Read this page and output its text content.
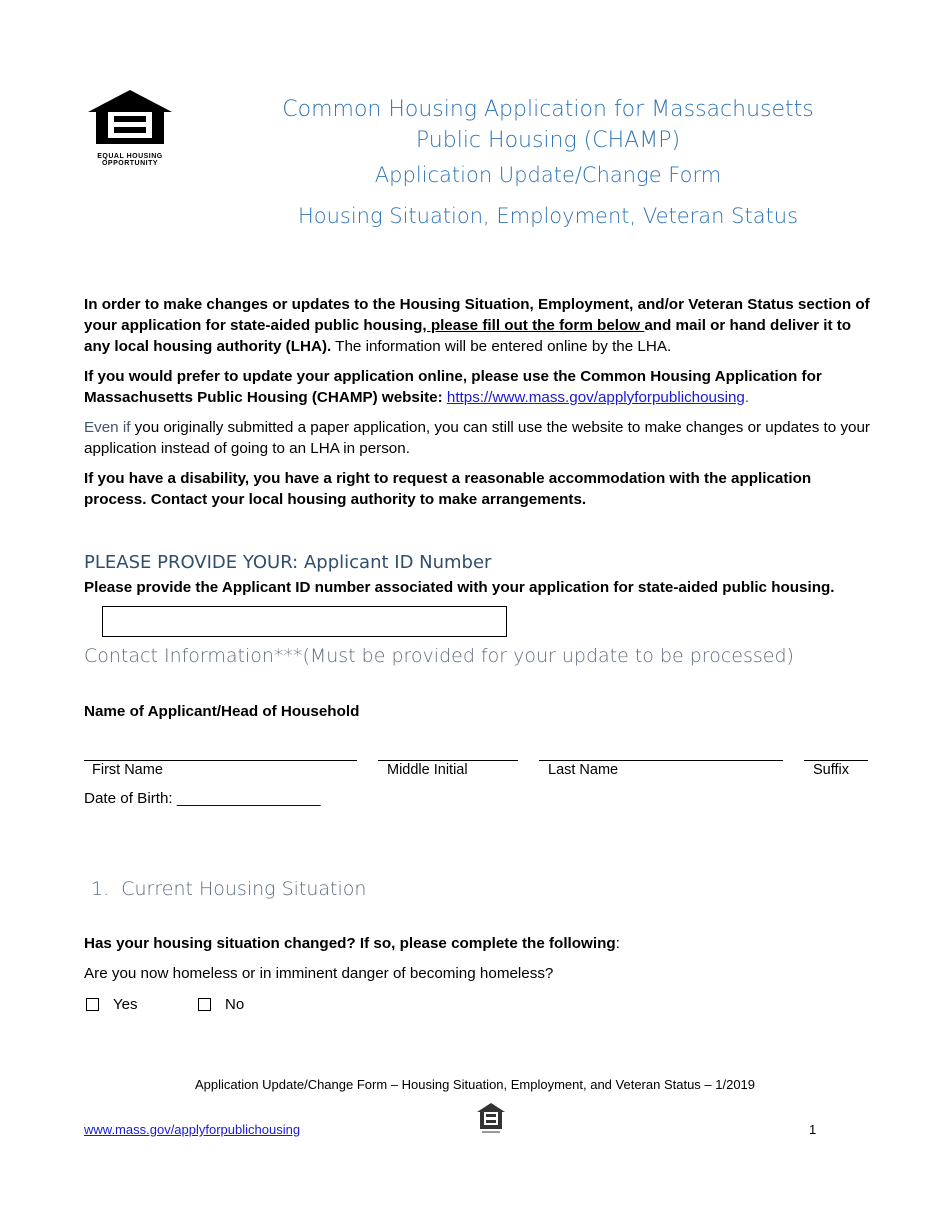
EQUAL HOUSING
OPPORTUNITY
Common Housing Application for Massachusetts Public Housing (CHAMP)
Application Update/Change Form
Housing Situation, Employment, Veteran Status
In order to make changes or updates to the Housing Situation, Employment, and/or Veteran Status section of your application for state-aided public housing, please fill out the form below and mail or hand deliver it to any local housing authority (LHA). The information will be entered online by the LHA.
If you would prefer to update your application online, please use the Common Housing Application for Massachusetts Public Housing (CHAMP) website: https://www.mass.gov/applyforpublichousing.
Even if you originally submitted a paper application, you can still use the website to make changes or updates to your application instead of going to an LHA in person.
If you have a disability, you have a right to request a reasonable accommodation with the application process. Contact your local housing authority to make arrangements.
PLEASE PROVIDE YOUR: Applicant ID Number
Please provide the Applicant ID number associated with your application for state-aided public housing.
Contact Information***(Must be provided for your update to be processed)
Name of Applicant/Head of Household
First Name	Middle Initial	Last Name	Suffix
Date of Birth: _________________
1. Current Housing Situation
Has your housing situation changed? If so, please complete the following:
Are you now homeless or in imminent danger of becoming homeless?
Yes	No
Application Update/Change Form – Housing Situation, Employment, and Veteran Status – 1/2019
www.mass.gov/applyforpublichousing	1
